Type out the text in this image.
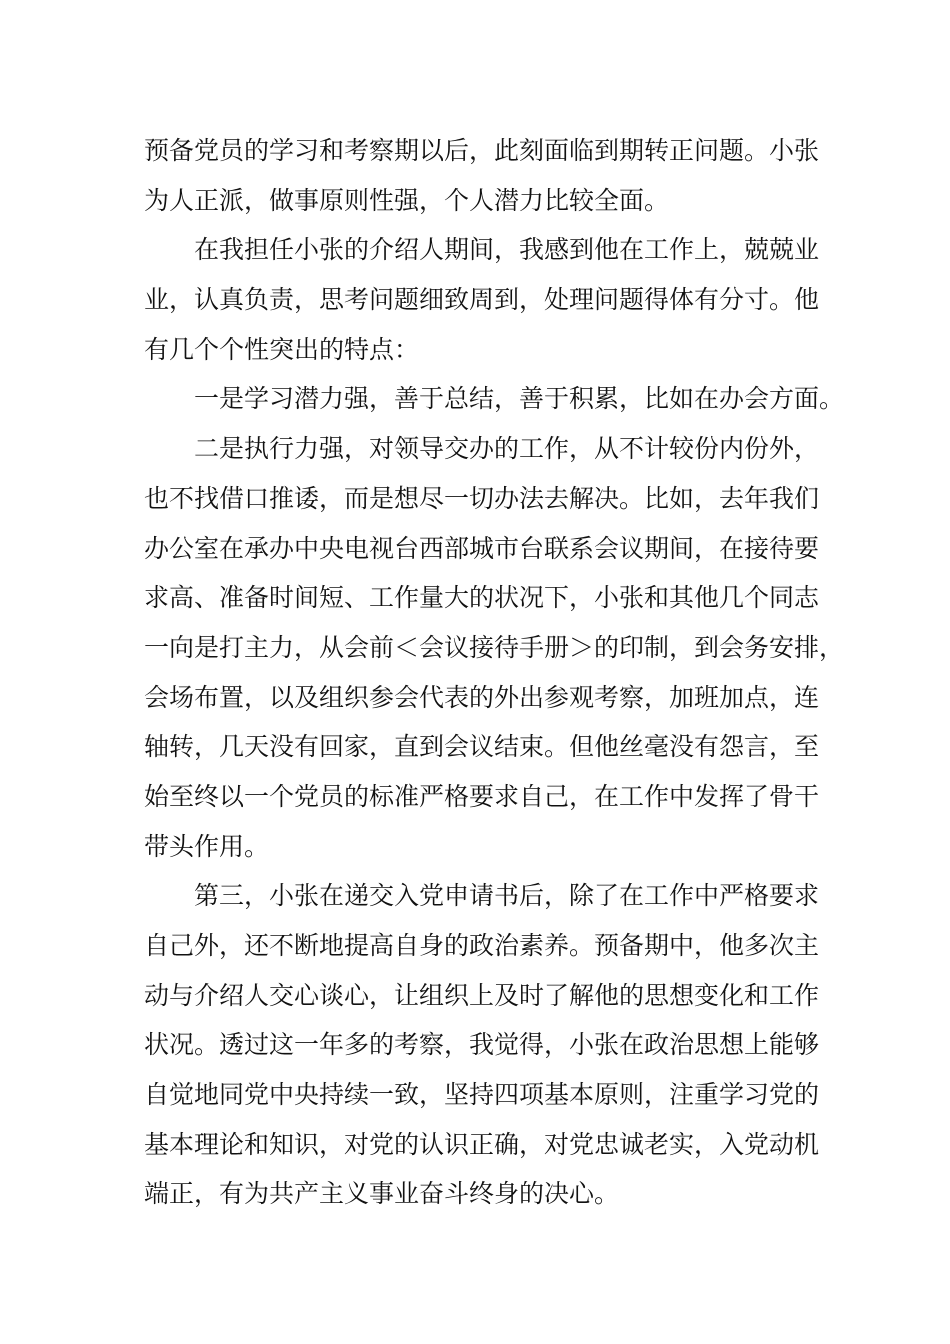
预备党员的学习和考察期以后，此刻面临到期转正问题。小张
为人正派，做事原则性强，个人潜力比较全面。
在我担任小张的介绍人期间，我感到他在工作上，兢兢业
业，认真负责，思考问题细致周到，处理问题得体有分寸。他
有几个个性突出的特点：
一是学习潜力强，善于总结，善于积累，比如在办会方面。
二是执行力强，对领导交办的工作，从不计较份内份外，
也不找借口推诿，而是想尽一切办法去解决。比如，去年我们
办公室在承办中央电视台西部城市台联系会议期间，在接待要
求高、准备时间短、工作量大的状况下，小张和其他几个同志
一向是打主力，从会前＜会议接待手册＞的印制，到会务安排，
会场布置，以及组织参会代表的外出参观考察，加班加点，连
轴转，几天没有回家，直到会议结束。但他丝毫没有怨言，至
始至终以一个党员的标准严格要求自己，在工作中发挥了骨干
带头作用。
第三，小张在递交入党申请书后，除了在工作中严格要求
自己外，还不断地提高自身的政治素养。预备期中，他多次主
动与介绍人交心谈心，让组织上及时了解他的思想变化和工作
状况。透过这一年多的考察，我觉得，小张在政治思想上能够
自觉地同党中央持续一致，坚持四项基本原则，注重学习党的
基本理论和知识，对党的认识正确，对党忠诚老实，入党动机
端正，有为共产主义事业奋斗终身的决心。
